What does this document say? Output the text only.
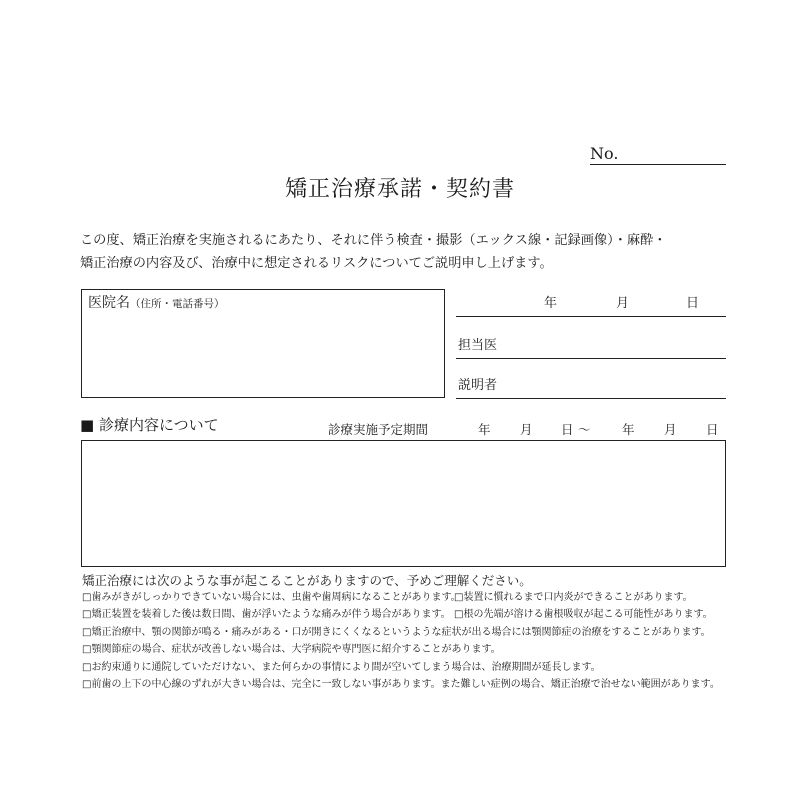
No.
矯正治療承諾・契約書
この度、矯正治療を実施されるにあたり、それに伴う検査・撮影（エックス線・記録画像）・麻酔・
矯正治療の内容及び、治療中に想定されるリスクについてご説明申し上げます。
医院名（住所・電話番号）	年	月	日
担当医
説明者
■ 診療内容について	診療実施予定期間	年 月 日 〜	年 月 日
矯正治療には次のような事が起こることがありますので、予めご理解ください。
□歯みがきがしっかりできていない場合には、虫歯や歯周病になることがあります。
□装置に慣れるまで口内炎ができることがあります。
□矯正装置を装着した後は数日間、歯が浮いたような痛みが伴う場合があります。 □根の先端が溶ける歯根吸収が起こる可能性があります。
□矯正治療中、顎の関節が鳴る・痛みがある・口が開きにくくなるというような症状が出る場合には顎関節症の治療をすることがあります。
□顎関節症の場合、症状が改善しない場合は、大学病院や専門医に紹介することがあります。
□お約束通りに通院していただけない、また何らかの事情により間が空いてしまう場合は、治療期間が延長します。
□前歯の上下の中心線のずれが大きい場合は、完全に一致しない事があります。また難しい症例の場合、矯正治療で治せない範囲があります。
